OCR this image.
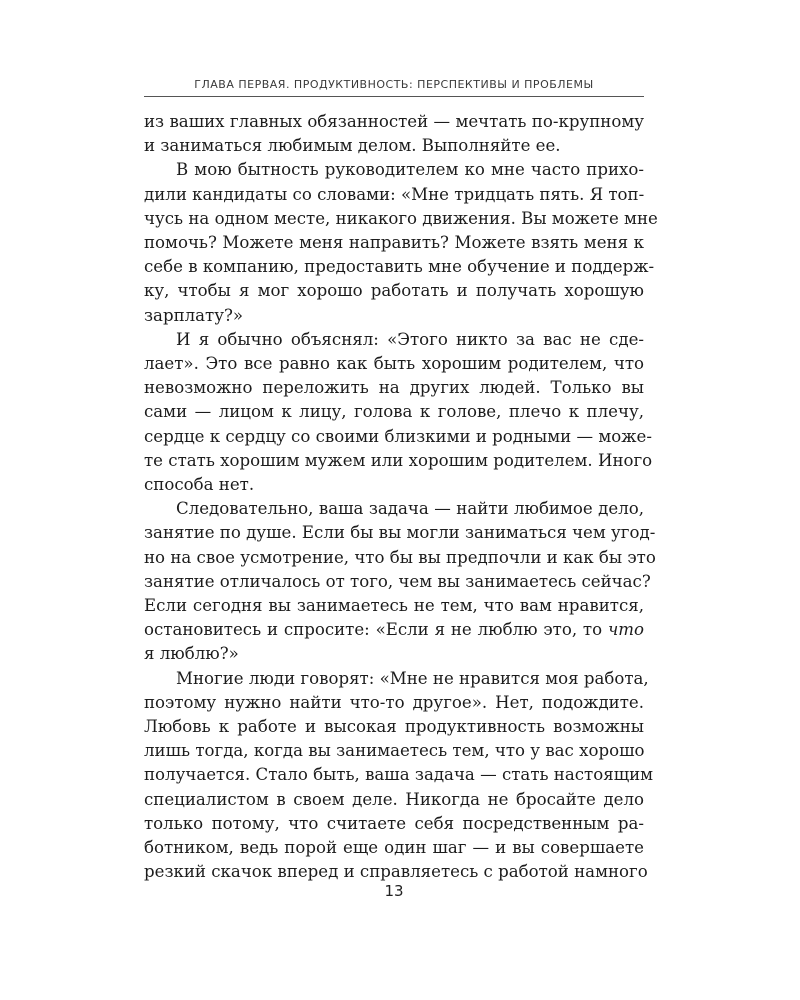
ГЛАВА ПЕРВАЯ. ПРОДУКТИВНОСТЬ: ПЕРСПЕКТИВЫ И ПРОБЛЕМЫ
из ваших главных обязанностей — мечтать по-крупному
и заниматься любимым делом. Выполняйте ее.
В мою бытность руководителем ко мне часто прихо-
дили кандидаты со словами: «Мне тридцать пять. Я топ-
чусь на одном месте, никакого движения. Вы можете мне
помочь? Можете меня направить? Можете взять меня к
себе в компанию, предоставить мне обучение и поддерж-
ку, чтобы я мог хорошо работать и получать хорошую
зарплату?»
И я обычно объяснял: «Этого никто за вас не сде-
лает». Это все равно как быть хорошим родителем, что
невозможно переложить на других людей. Только вы
сами — лицом к лицу, голова к голове, плечо к плечу,
сердце к сердцу со своими близкими и родными — може-
те стать хорошим мужем или хорошим родителем. Иного
способа нет.
Следовательно, ваша задача — найти любимое дело,
занятие по душе. Если бы вы могли заниматься чем угод-
но на свое усмотрение, что бы вы предпочли и как бы это
занятие отличалось от того, чем вы занимаетесь сейчас?
Если сегодня вы занимаетесь не тем, что вам нравится,
остановитесь и спросите: «Если я не люблю это, то что
я люблю?»
Многие люди говорят: «Мне не нравится моя работа,
поэтому нужно найти что-то другое». Нет, подождите.
Любовь к работе и высокая продуктивность возможны
лишь тогда, когда вы занимаетесь тем, что у вас хорошо
получается. Стало быть, ваша задача — стать настоящим
специалистом в своем деле. Никогда не бросайте дело
только потому, что считаете себя посредственным ра-
ботником, ведь порой еще один шаг — и вы совершаете
резкий скачок вперед и справляетесь с работой намного
13
